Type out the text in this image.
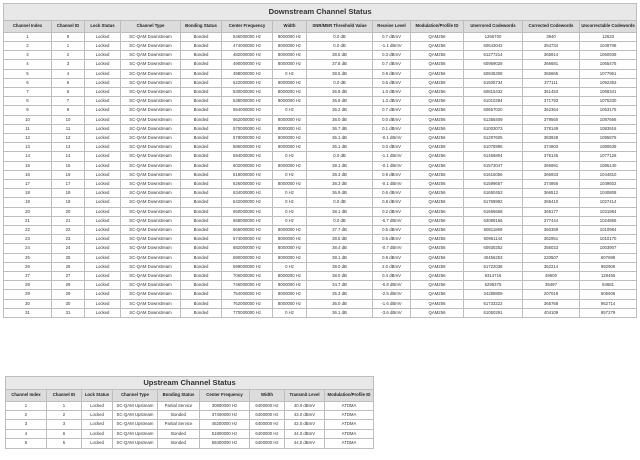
Downstream Channel Status												
Channel Index	Channel ID	Lock Status	Channel Type	Bonding Status	Center Frequency	Width	SNR/MER Threshold Value	Receive Level	Modulation/Profile ID	Unerrored Codewords	Corrected Codewords	Uncorrectable Codewords
1	8	Locked	SC-QAM Downstream	Bonded	546000000 Hz	8000000 Hz	0.0 dB	0.7 dBmV	QAM256	1266700	3940	12633
2	1	Locked	SC-QAM Downstream	Bonded	474000000 Hz	8000000 Hz	0.0 dB	-1.1 dBmV	QAM256	60643042	354734	1049708
3	2	Locked	SC-QAM Downstream	Bonded	482000000 Hz	8000000 Hz	38.5 dB	0.3 dBmV	QAM256	61277214	365914	1060939
4	3	Locked	SC-QAM Downstream	Bonded	490000000 Hz	8000000 Hz	37.8 dB	0.7 dBmV	QAM256	60959028	366681	1065475
5	4	Locked	SC-QAM Downstream	Bonded	498000000 Hz	0 Hz	38.5 dB	0.9 dBmV	QAM256	60845308	366665	1077961
6	5	Locked	SC-QAM Downstream	Bonded	522000000 Hz	8000000 Hz	0.0 dB	0.6 dBmV	QAM256	61505734	377111	1092363
7	6	Locked	SC-QAM Downstream	Bonded	530000000 Hz	8000000 Hz	36.8 dB	1.0 dBmV	QAM256	60815432	361453	1068341
8	7	Locked	SC-QAM Downstream	Bonded	538000000 Hz	8000000 Hz	35.8 dB	1.3 dBmV	QAM256	61010284	371793	1075330
9	9	Locked	SC-QAM Downstream	Bonded	554000000 Hz	0 Hz	36.2 dB	0.7 dBmV	QAM256	60657020	362364	1063175
10	10	Locked	SC-QAM Downstream	Bonded	562000000 Hz	8000000 Hz	38.0 dB	0.0 dBmV	QAM256	61358409	379560	1087666
11	11	Locked	SC-QAM Downstream	Bonded	570000000 Hz	8000000 Hz	36.7 dB	0.1 dBmV	QAM256	61003073	378149	1083916
12	12	Locked	SC-QAM Downstream	Bonded	578000000 Hz	8000000 Hz	36.1 dB	-0.1 dBmV	QAM256	61297605	383928	1085876
13	13	Locked	SC-QAM Downstream	Bonded	586000000 Hz	8000000 Hz	36.1 dB	0.0 dBmV	QAM256	61076995	374903	1080639
14	14	Locked	SC-QAM Downstream	Bonded	594000000 Hz	0 Hz	0.0 dB	-1.1 dBmV	QAM256	61466804	376145	1077126
15	15	Locked	SC-QAM Downstream	Bonded	602000000 Hz	8000000 Hz	38.1 dB	-0.1 dBmV	QAM256	61573047	366991	1086140
16	16	Locked	SC-QAM Downstream	Bonded	618000000 Hz	0 Hz	38.3 dB	0.9 dBmV	QAM256	61616056	366933	1044810
17	17	Locked	SC-QAM Downstream	Bonded	626000000 Hz	8000000 Hz	38.3 dB	-0.1 dBmV	QAM256	61599657	374866	1049502
18	18	Locked	SC-QAM Downstream	Bonded	634000000 Hz	0 Hz	36.9 dB	0.6 dBmV	QAM256	61650453	366512	1040808
19	19	Locked	SC-QAM Downstream	Bonded	642000000 Hz	0 Hz	0.0 dB	0.8 dBmV	QAM256	61769992	365410	1027414
20	20	Locked	SC-QAM Downstream	Bonded	650000000 Hz	0 Hz	38.1 dB	0.2 dBmV	QAM256	61665668	365177	1031984
21	21	Locked	SC-QAM Downstream	Bonded	658000000 Hz	0 Hz	0.0 dB	-0.7 dBmV	QAM256	63089166	377444	1024865
22	22	Locked	SC-QAM Downstream	Bonded	666000000 Hz	8000000 Hz	37.7 dB	0.5 dBmV	QAM256	60811869	360359	1010984
23	23	Locked	SC-QAM Downstream	Bonded	674000000 Hz	8000000 Hz	38.5 dB	0.6 dBmV	QAM256	60961144	362951	1010170
24	24	Locked	SC-QAM Downstream	Bonded	682000000 Hz	8000000 Hz	38.4 dB	-0.7 dBmV	QAM256	60930252	356023	1003907
25	25	Locked	SC-QAM Downstream	Bonded	690000000 Hz	8000000 Hz	38.1 dB	0.9 dBmV	QAM256	40456253	220507	607699
26	26	Locked	SC-QAM Downstream	Bonded	698000000 Hz	0 Hz	38.0 dB	2.0 dBmV	QAM256	61722038	362214	992906
27	27	Locked	SC-QAM Downstream	Bonded	706000000 Hz	8000000 Hz	38.0 dB	0.4 dBmV	QAM256	9314716	49600	128455
28	28	Locked	SC-QAM Downstream	Bonded	746000000 Hz	8000000 Hz	34.7 dB	-0.8 dBmV	QAM256	6299375	39497	84681
29	29	Locked	SC-QAM Downstream	Bonded	754000000 Hz	8000000 Hz	35.3 dB	-2.5 dBmV	QAM256	34288809	207019	505606
30	30	Locked	SC-QAM Downstream	Bonded	762000000 Hz	8000000 Hz	36.0 dB	-1.6 dBmV	QAM256	61733222	365768	952714
31	31	Locked	SC-QAM Downstream	Bonded	770000000 Hz	0 Hz	36.1 dB	-3.6 dBmV	QAM256	61050291	404109	957279
Upstream Channel Status								
Channel Index	Channel ID	Lock Status	Channel Type	Bonding Status	Center Frequency	Width	Transmit Level	Modulation/Profile ID
1	1	Locked	SC-QAM Upstream	Partial Service	30800000 Hz	6400000 Hz	40.0 dBmV	ATDMA
2	2	Locked	SC-QAM Upstream	Bonded	37400000 Hz	6400000 Hz	43.0 dBmV	ATDMA
3	3	Locked	SC-QAM Upstream	Partial Service	45200000 Hz	6400000 Hz	42.0 dBmV	ATDMA
4	6	Locked	SC-QAM Upstream	Bonded	51800000 Hz	6400000 Hz	44.0 dBmV	ATDMA
5	5	Locked	SC-QAM Upstream	Bonded	58400000 Hz	6400000 Hz	44.0 dBmV	ATDMA
